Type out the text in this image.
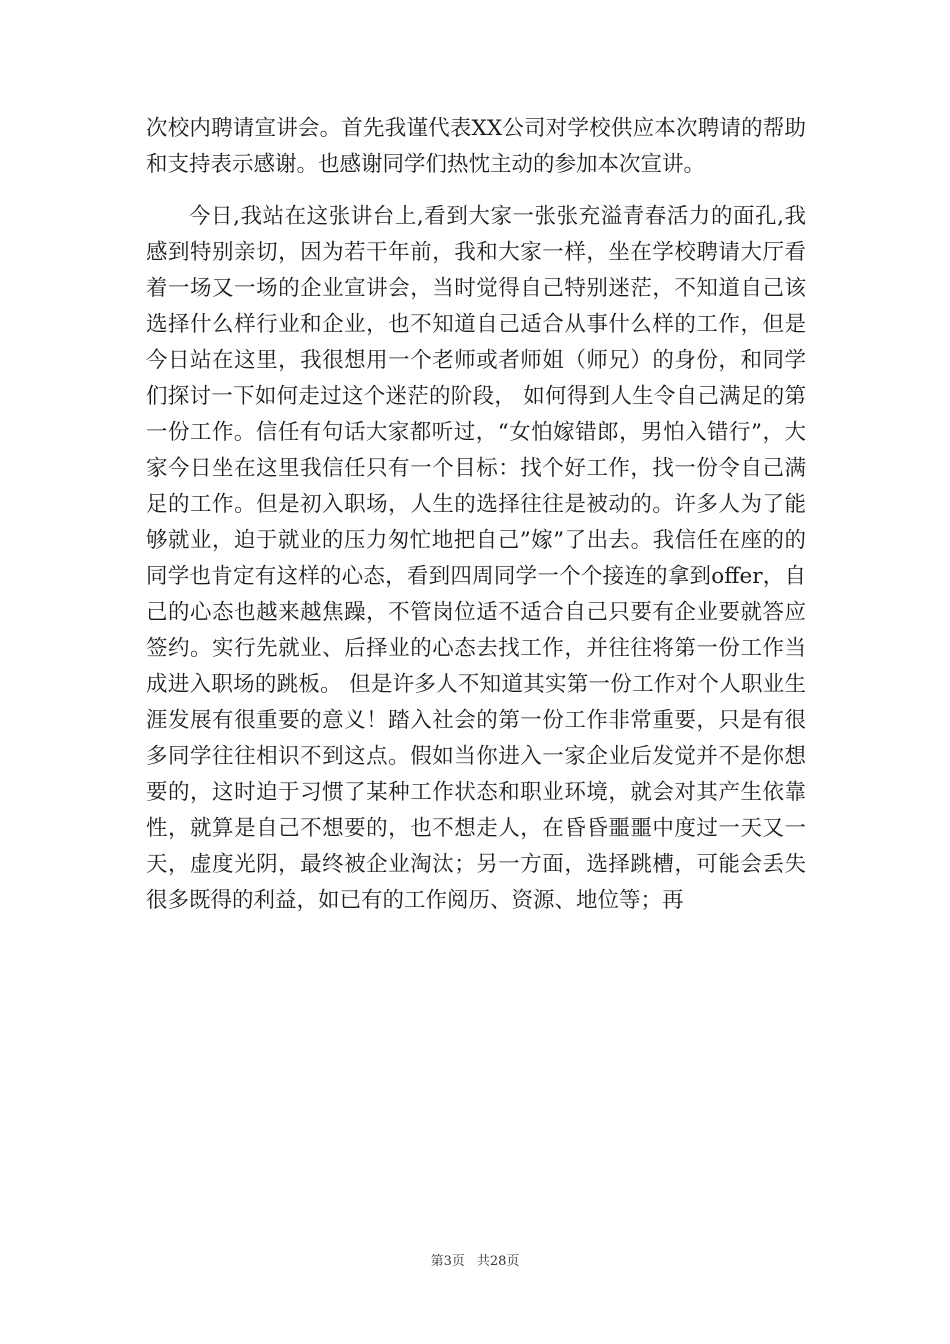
次校内聘请宣讲会。首先我谨代表XX公司对学校供应本次聘请的帮助和支持表示感谢。也感谢同学们热忱主动的参加本次宣讲。

今日,我站在这张讲台上,看到大家一张张充溢青春活力的面孔,我感到特别亲切，因为若干年前，我和大家一样，坐在学校聘请大厅看着一场又一场的企业宣讲会，当时觉得自己特别迷茫，不知道自己该选择什么样行业和企业，也不知道自己适合从事什么样的工作，但是今日站在这里，我很想用一个老师或者师姐（师兄）的身份，和同学们探讨一下如何走过这个迷茫的阶段， 如何得到人生令自己满足的第一份工作。信任有句话大家都听过，“女怕嫁错郎，男怕入错行”，大家今日坐在这里我信任只有一个目标：找个好工作，找一份令自己满足的工作。但是初入职场，人生的选择往往是被动的。许多人为了能够就业，迫于就业的压力匆忙地把自己”嫁”了出去。我信任在座的的同学也肯定有这样的心态，看到四周同学一个个接连的拿到offer，自己的心态也越来越焦躁，不管岗位适不适合自己只要有企业要就答应签约。实行先就业、后择业的心态去找工作，并往往将第一份工作当成进入职场的跳板。 但是许多人不知道其实第一份工作对个人职业生涯发展有很重要的意义！踏入社会的第一份工作非常重要，只是有很多同学往往相识不到这点。假如当你进入一家企业后发觉并不是你想要的，这时迫于习惯了某种工作状态和职业环境，就会对其产生依靠性，就算是自己不想要的，也不想走人，在昏昏噩噩中度过一天又一天，虚度光阴，最终被企业淘汰；另一方面，选择跳槽，可能会丢失很多既得的利益，如已有的工作阅历、资源、地位等；再

第3页 共28页
